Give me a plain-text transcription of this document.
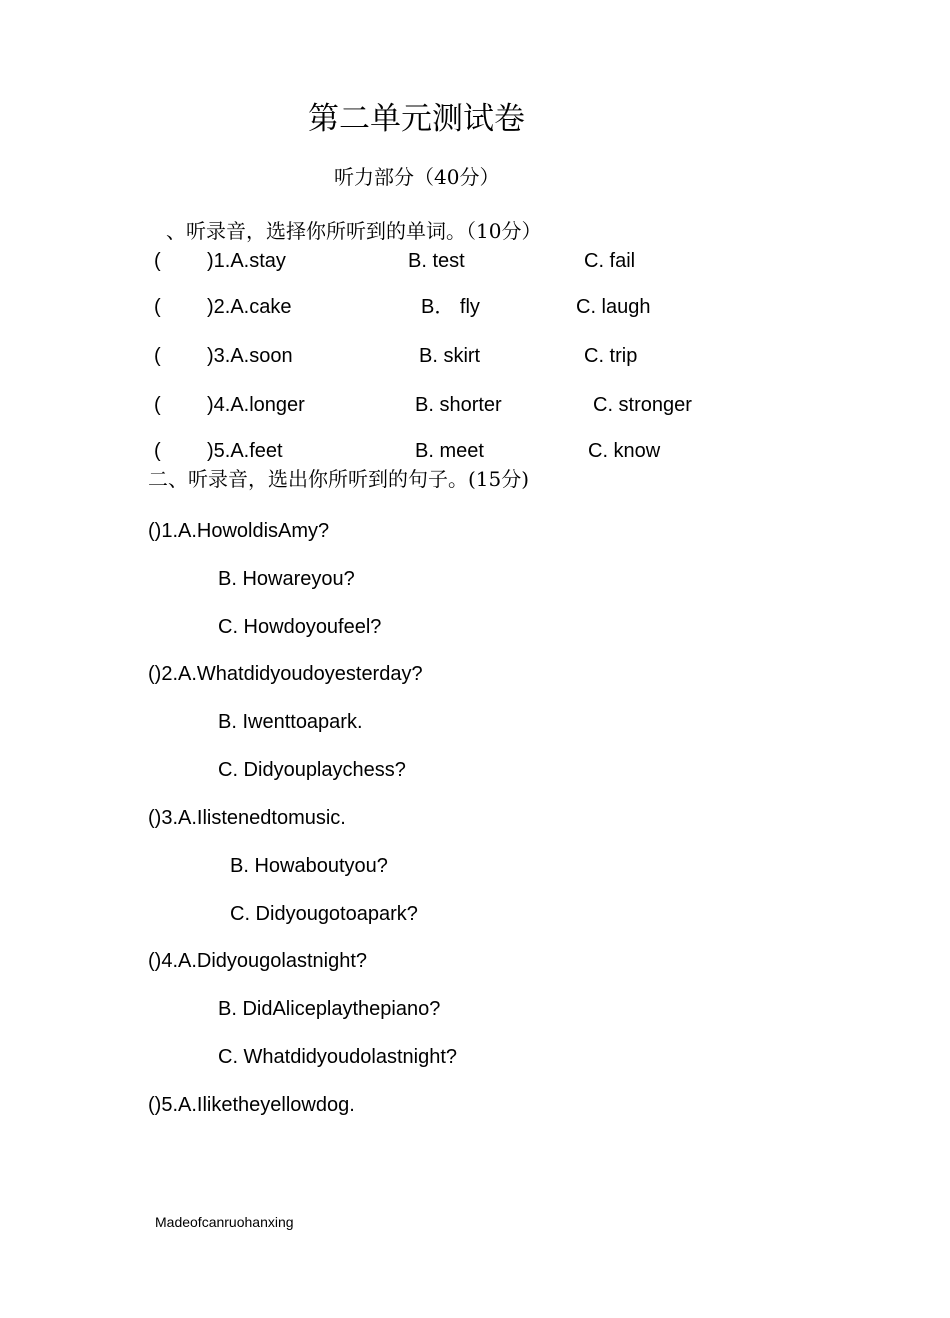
第二单元测试卷
听力部分（40分）
、听录音，选择你所听到的单词。（10分）
( )1.A.stay	B. test	C. fail
( )2.A.cake	B． fly	C. laugh
( )3.A.soon	B. skirt	C. trip
( )4.A.longer	B. shorter	C. stronger
( )5.A.feet	B. meet	C. know
二、听录音，选出你所听到的句子。(15分)
()1.A.HowoldisAmy?
B. Howareyou?
C. Howdoyoufeel?
()2.A.Whatdidyoudoyesterday?
B. Iwenttoapark.
C. Didyouplaychess?
()3.A.Ilistenedtomusic.
B. Howaboutyou?
C. Didyougotoapark?
()4.A.Didyougolastnight?
B. DidAliceplaythepiano?
C. Whatdidyoudolastnight?
()5.A.Iliketheyellowdog.
Madeofcanruohanxing
